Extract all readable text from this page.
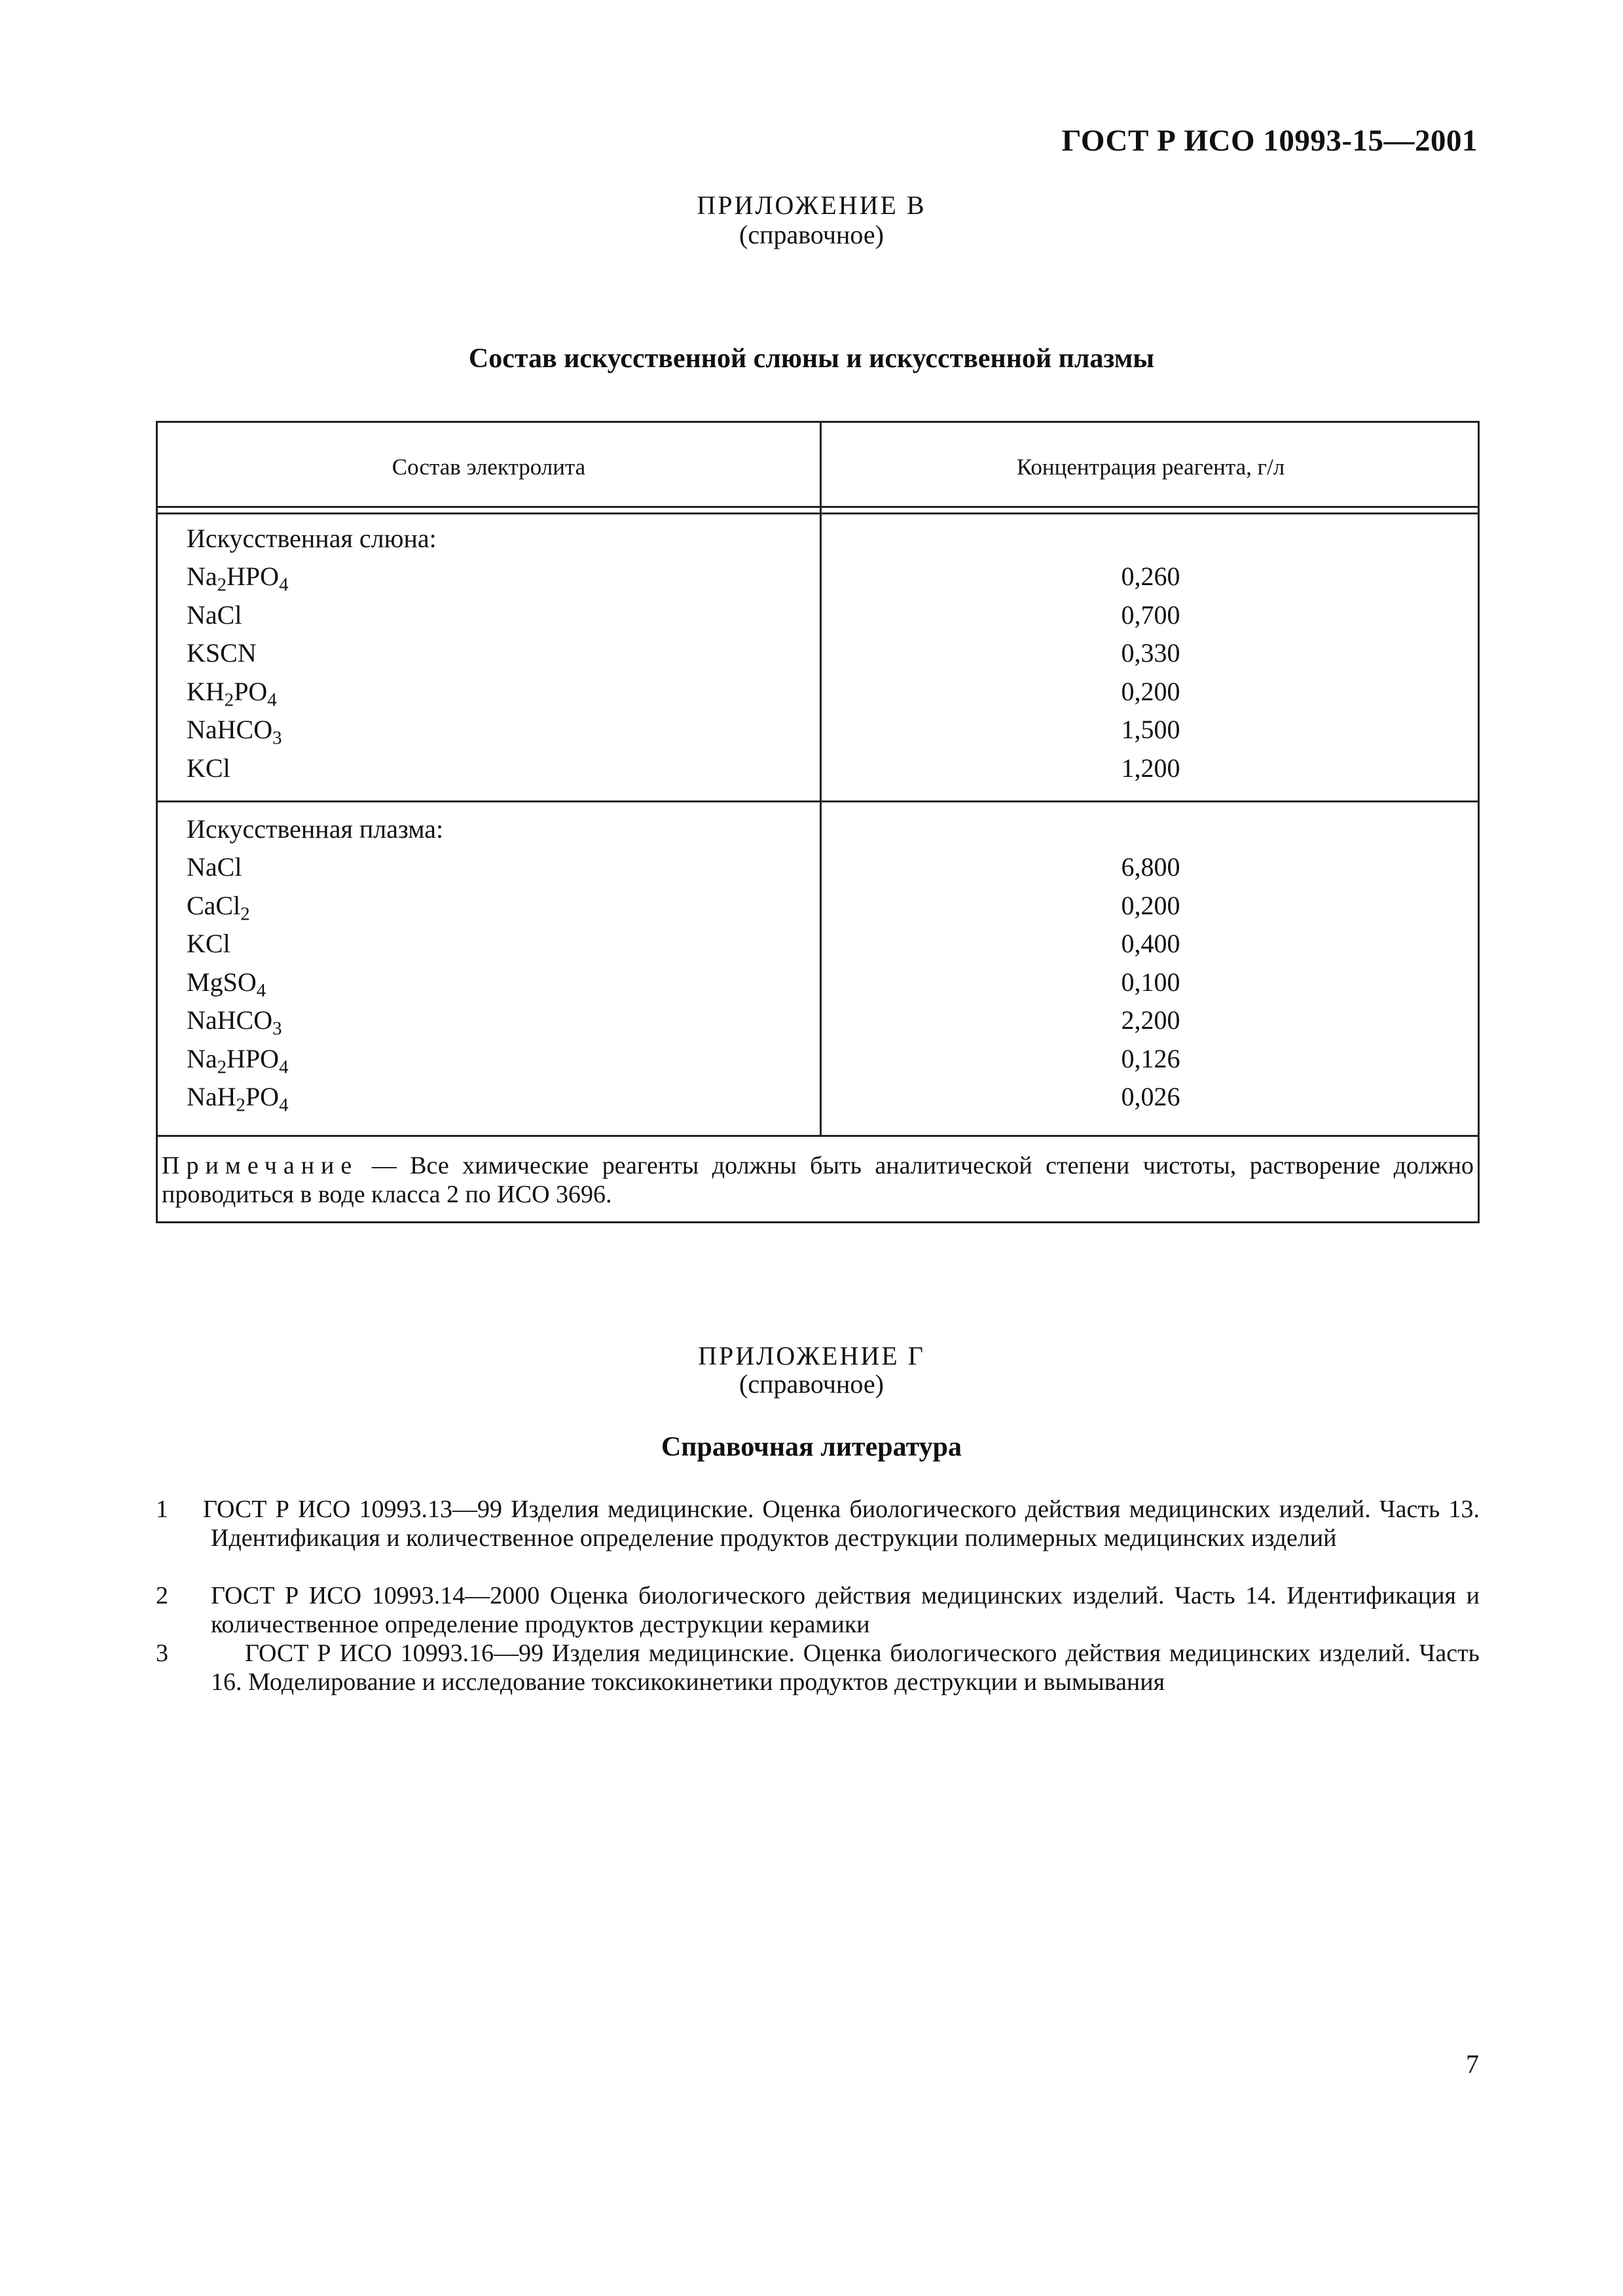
ГОСТ Р ИСО 10993-15—2001
ПРИЛОЖЕНИЕ В
(справочное)
Состав искусственной слюны и искусственной плазмы
Состав электролита	Концентрация реагента, г/л
Искусственная слюна:
$Na_2HPO_4$
NaCl
KSCN
$KH_2PO_4$
NaHCO$_3$
KCl
0,260
0,700
0,330
0,200
1,500
1,200
Искусственная плазма:
NaCl
CaCl$_2$
KCl
MgSO$_4$
NaHCO$_3$
$Na_2HPO_4$
$NaH_2PO_4$
6,800
0,200
0,400
0,100
2,200
0,126
0,026
Примечание — Все химические реагенты должны быть аналитической степени чистоты, растворение должно проводиться в воде класса 2 по ИСО 3696.
ПРИЛОЖЕНИЕ Г
(справочное)
Справочная литература
1 ГОСТ Р ИСО 10993.13—99 Изделия медицинские. Оценка биологического действия медицинских изделий. Часть 13. Идентификация и количественное определение продуктов деструкции полимерных медицинских изделий
2 ГОСТ Р ИСО 10993.14—2000 Оценка биологического действия медицинских изделий. Часть 14. Идентификация и количественное определение продуктов деструкции керамики
3	ГОСТ Р ИСО 10993.16—99 Изделия медицинские. Оценка биологического действия медицинских изделий. Часть 16. Моделирование и исследование токсикокинетики продуктов деструкции и вымывания
7
